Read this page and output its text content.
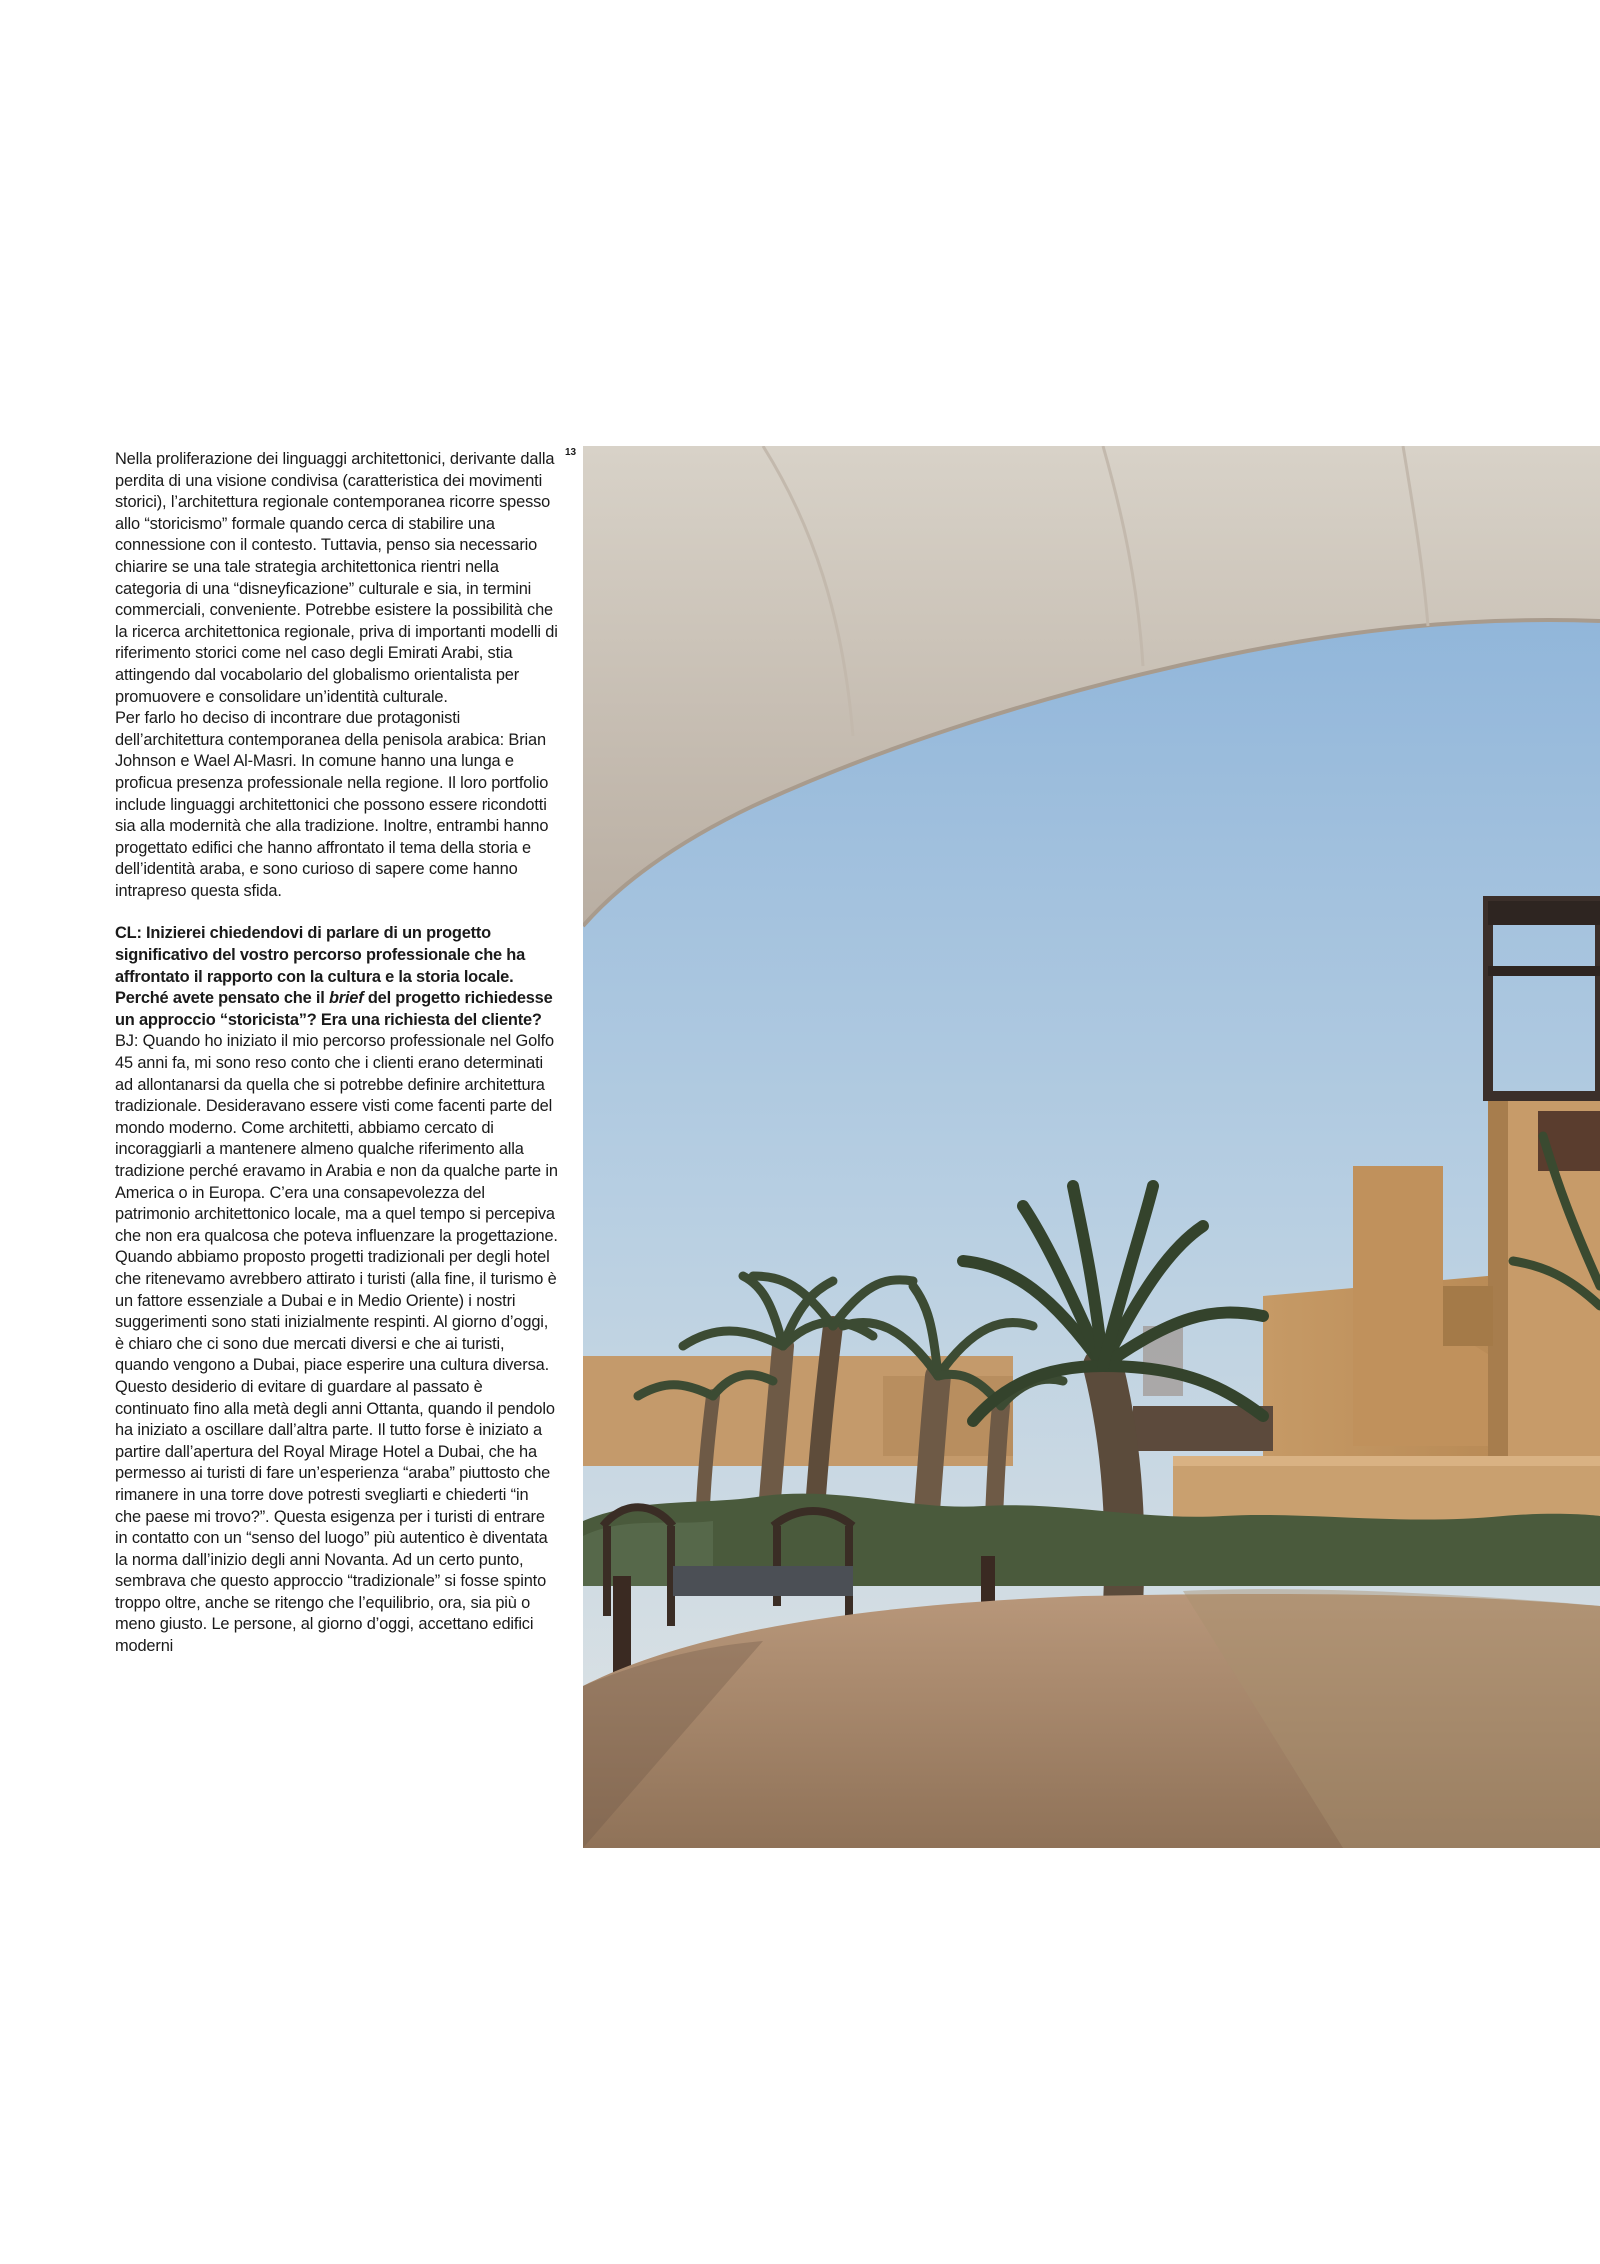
13

Nella proliferazione dei linguaggi architettonici, derivante dalla perdita di una visione condivisa (caratteristica dei movimenti storici), l’architettura regionale contemporanea ricorre spesso allo “storicismo” formale quando cerca di stabilire una connessione con il contesto. Tuttavia, penso sia necessario chiarire se una tale strategia architettonica rientri nella categoria di una “disneyficazione” culturale e sia, in termini commerciali, conveniente. Potrebbe esistere la possibilità che la ricerca architettonica regionale, priva di importanti modelli di riferimento storici come nel caso degli Emirati Arabi, stia attingendo dal vocabolario del globalismo orientalista per promuovere e consolidare un’identità culturale.

Per farlo ho deciso di incontrare due protagonisti dell’architettura contemporanea della penisola arabica: Brian Johnson e Wael Al-Masri. In comune hanno una lunga e proficua presenza professionale nella regione. Il loro portfolio include linguaggi architettonici che possono essere ricondotti sia alla modernità che alla tradizione. Inoltre, entrambi hanno progettato edifici che hanno affrontato il tema della storia e dell’identità araba, e sono curioso di sapere come hanno intrapreso questa sfida.

CL: Inizierei chiedendovi di parlare di un progetto significativo del vostro percorso professionale che ha affrontato il rapporto con la cultura e la storia locale. Perché avete pensato che il brief del progetto richiedesse un approccio “storicista”? Era una richiesta del cliente?

BJ: Quando ho iniziato il mio percorso professionale nel Golfo 45 anni fa, mi sono reso conto che i clienti erano determinati ad allontanarsi da quella che si potrebbe definire architettura tradizionale. Desideravano essere visti come facenti parte del mondo moderno. Come architetti, abbiamo cercato di incoraggiarli a mantenere almeno qualche riferimento alla tradizione perché eravamo in Arabia e non da qualche parte in America o in Europa. C’era una consapevolezza del patrimonio architettonico locale, ma a quel tempo si percepiva che non era qualcosa che poteva influenzare la progettazione. Quando abbiamo proposto progetti tradizionali per degli hotel che ritenevamo avrebbero attirato i turisti (alla fine, il turismo è un fattore essenziale a Dubai e in Medio Oriente) i nostri suggerimenti sono stati inizialmente respinti. Al giorno d’oggi, è chiaro che ci sono due mercati diversi e che ai turisti, quando vengono a Dubai, piace esperire una cultura diversa.

Questo desiderio di evitare di guardare al passato è continuato fino alla metà degli anni Ottanta, quando il pendolo ha iniziato a oscillare dall’altra parte. Il tutto forse è iniziato a partire dall’apertura del Royal Mirage Hotel a Dubai, che ha permesso ai turisti di fare un’esperienza “araba” piuttosto che rimanere in una torre dove potresti svegliarti e chiederti “in che paese mi trovo?”. Questa esigenza per i turisti di entrare in contatto con un “senso del luogo” più autentico è diventata la norma dall’inizio degli anni Novanta. Ad un certo punto, sembrava che questo approccio “tradizionale” si fosse spinto troppo oltre, anche se ritengo che l’equilibrio, ora, sia più o meno giusto. Le persone, al giorno d’oggi, accettano edifici moderni
